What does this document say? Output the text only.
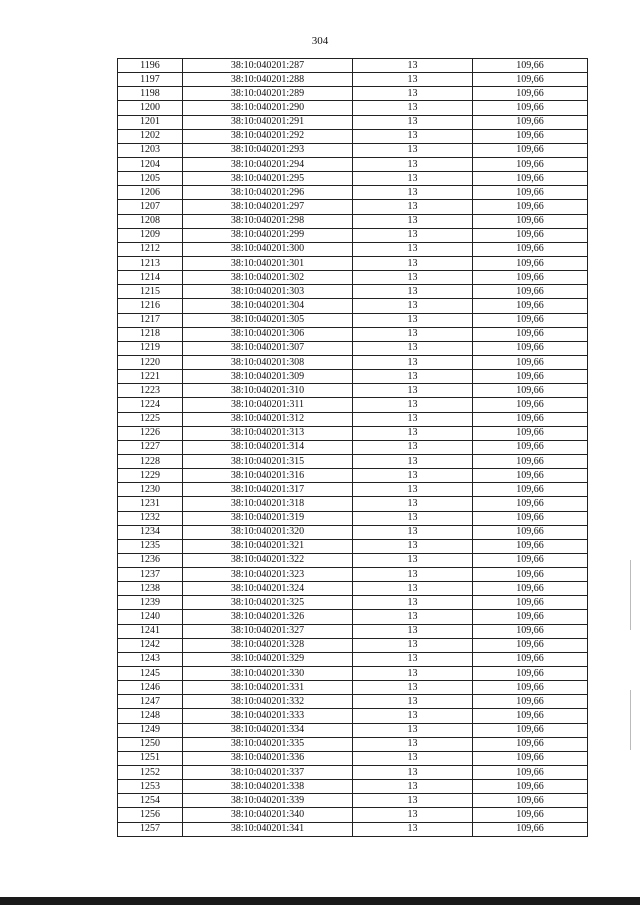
304
1196	38:10:040201:287	13	109,66
1197	38:10:040201:288	13	109,66
1198	38:10:040201:289	13	109,66
1200	38:10:040201:290	13	109,66
1201	38:10:040201:291	13	109,66
1202	38:10:040201:292	13	109,66
1203	38:10:040201:293	13	109,66
1204	38:10:040201:294	13	109,66
1205	38:10:040201:295	13	109,66
1206	38:10:040201:296	13	109,66
1207	38:10:040201:297	13	109,66
1208	38:10:040201:298	13	109,66
1209	38:10:040201:299	13	109,66
1212	38:10:040201:300	13	109,66
1213	38:10:040201:301	13	109,66
1214	38:10:040201:302	13	109,66
1215	38:10:040201:303	13	109,66
1216	38:10:040201:304	13	109,66
1217	38:10:040201:305	13	109,66
1218	38:10:040201:306	13	109,66
1219	38:10:040201:307	13	109,66
1220	38:10:040201:308	13	109,66
1221	38:10:040201:309	13	109,66
1223	38:10:040201:310	13	109,66
1224	38:10:040201:311	13	109,66
1225	38:10:040201:312	13	109,66
1226	38:10:040201:313	13	109,66
1227	38:10:040201:314	13	109,66
1228	38:10:040201:315	13	109,66
1229	38:10:040201:316	13	109,66
1230	38:10:040201:317	13	109,66
1231	38:10:040201:318	13	109,66
1232	38:10:040201:319	13	109,66
1234	38:10:040201:320	13	109,66
1235	38:10:040201:321	13	109,66
1236	38:10:040201:322	13	109,66
1237	38:10:040201:323	13	109,66
1238	38:10:040201:324	13	109,66
1239	38:10:040201:325	13	109,66
1240	38:10:040201:326	13	109,66
1241	38:10:040201:327	13	109,66
1242	38:10:040201:328	13	109,66
1243	38:10:040201:329	13	109,66
1245	38:10:040201:330	13	109,66
1246	38:10:040201:331	13	109,66
1247	38:10:040201:332	13	109,66
1248	38:10:040201:333	13	109,66
1249	38:10:040201:334	13	109,66
1250	38:10:040201:335	13	109,66
1251	38:10:040201:336	13	109,66
1252	38:10:040201:337	13	109,66
1253	38:10:040201:338	13	109,66
1254	38:10:040201:339	13	109,66
1256	38:10:040201:340	13	109,66
1257	38:10:040201:341	13	109,66
